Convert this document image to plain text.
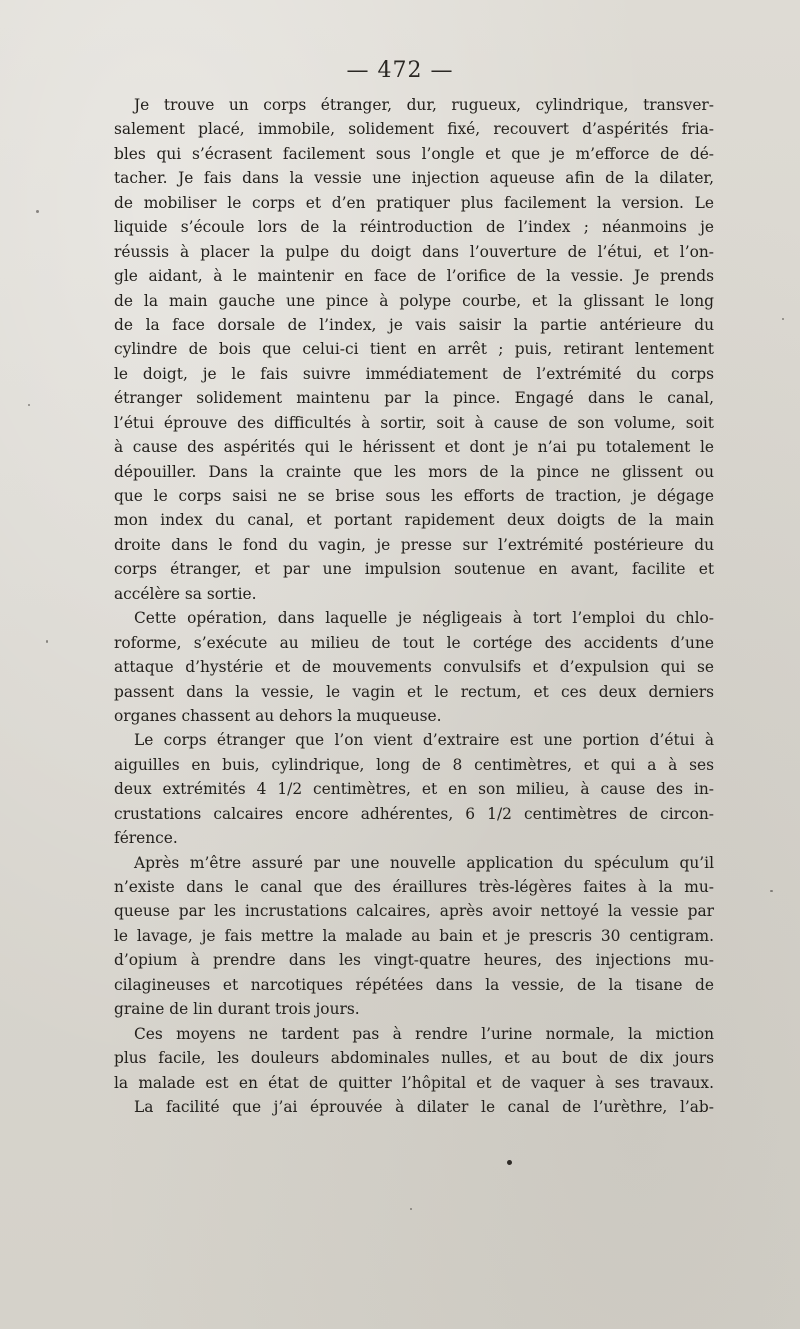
— 472 —
Je trouve un corps étranger, dur, rugueux, cylindrique, transver-
salement placé, immobile, solidement fixé, recouvert d’aspérités fria-
bles qui s’écrasent facilement sous l’ongle et que je m’efforce de dé-
tacher. Je fais dans la vessie une injection aqueuse afin de la dilater,
de mobiliser le corps et d’en pratiquer plus facilement la version. Le
liquide s’écoule lors de la réintroduction de l’index ; néanmoins je
réussis à placer la pulpe du doigt dans l’ouverture de l’étui, et l’on-
gle aidant, à le maintenir en face de l’orifice de la vessie. Je prends
de la main gauche une pince à polype courbe, et la glissant le long
de la face dorsale de l’index, je vais saisir la partie antérieure du
cylindre de bois que celui-ci tient en arrêt ; puis, retirant lentement
le doigt, je le fais suivre immédiatement de l’extrémité du corps
étranger solidement maintenu par la pince. Engagé dans le canal,
l’étui éprouve des difficultés à sortir, soit à cause de son volume, soit
à cause des aspérités qui le hérissent et dont je n’ai pu totalement le
dépouiller. Dans la crainte que les mors de la pince ne glissent ou
que le corps saisi ne se brise sous les efforts de traction, je dégage
mon index du canal, et portant rapidement deux doigts de la main
droite dans le fond du vagin, je presse sur l’extrémité postérieure du
corps étranger, et par une impulsion soutenue en avant, facilite et
accélère sa sortie.
Cette opération, dans laquelle je négligeais à tort l’emploi du chlo-
roforme, s’exécute au milieu de tout le cortége des accidents d’une
attaque d’hystérie et de mouvements convulsifs et d’expulsion qui se
passent dans la vessie, le vagin et le rectum, et ces deux derniers
organes chassent au dehors la muqueuse.
Le corps étranger que l’on vient d’extraire est une portion d’étui à
aiguilles en buis, cylindrique, long de 8 centimètres, et qui a à ses
deux extrémités 4 1/2 centimètres, et en son milieu, à cause des in-
crustations calcaires encore adhérentes, 6 1/2 centimètres de circon-
férence.
Après m’être assuré par une nouvelle application du spéculum qu’il
n’existe dans le canal que des éraillures très-légères faites à la mu-
queuse par les incrustations calcaires, après avoir nettoyé la vessie par
le lavage, je fais mettre la malade au bain et je prescris 30 centigram.
d’opium à prendre dans les vingt-quatre heures, des injections mu-
cilagineuses et narcotiques répétées dans la vessie, de la tisane de
graine de lin durant trois jours.
Ces moyens ne tardent pas à rendre l’urine normale, la miction
plus facile, les douleurs abdominales nulles, et au bout de dix jours
la malade est en état de quitter l’hôpital et de vaquer à ses travaux.
La facilité que j’ai éprouvée à dilater le canal de l’urèthre, l’ab-
